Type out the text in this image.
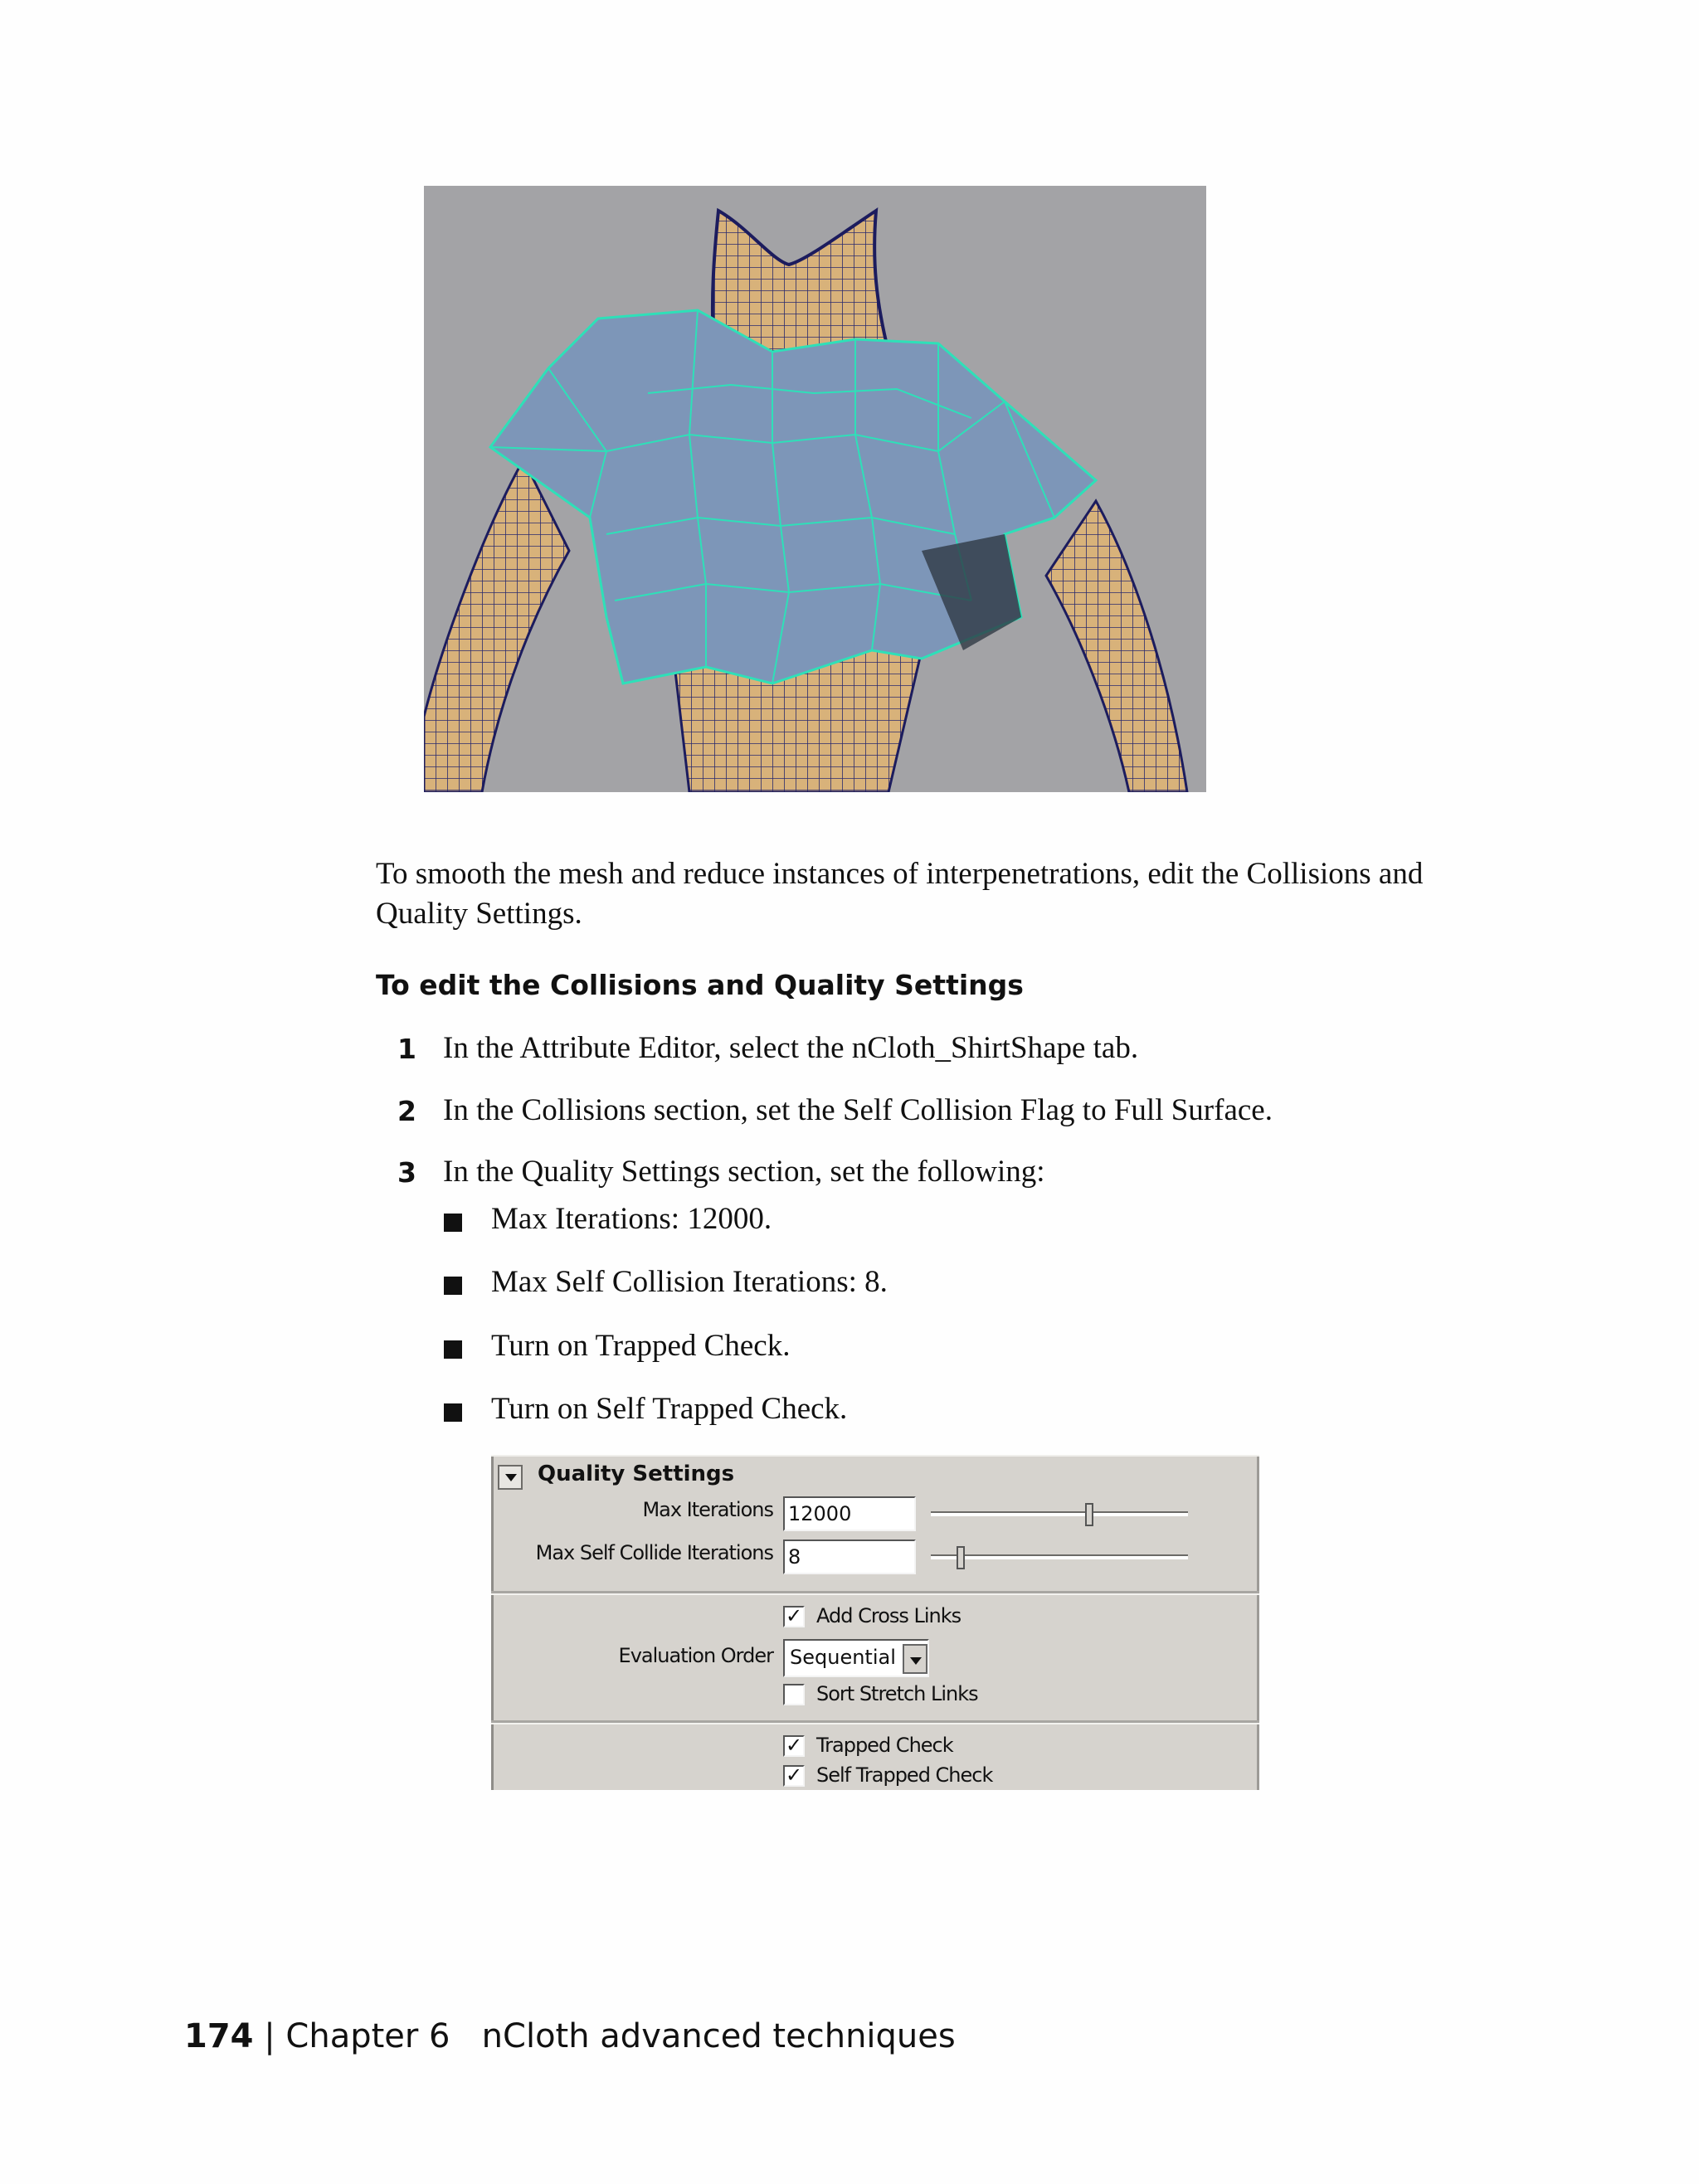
To smooth the mesh and reduce instances of interpenetrations, edit the Collisions and Quality Settings.
To edit the Collisions and Quality Settings
1 In the Attribute Editor, select the nCloth_ShirtShape tab.
2 In the Collisions section, set the Self Collision Flag to Full Surface.
3 In the Quality Settings section, set the following:
Max Iterations: 12000.
Max Self Collision Iterations: 8.
Turn on Trapped Check.
Turn on Self Trapped Check.
Quality Settings
Max Iterations 12000
Max Self Collide Iterations 8
✓ Add Cross Links
Evaluation Order Sequential
Sort Stretch Links
✓ Trapped Check
✓ Self Trapped Check
174 | Chapter 6 nCloth advanced techniques
